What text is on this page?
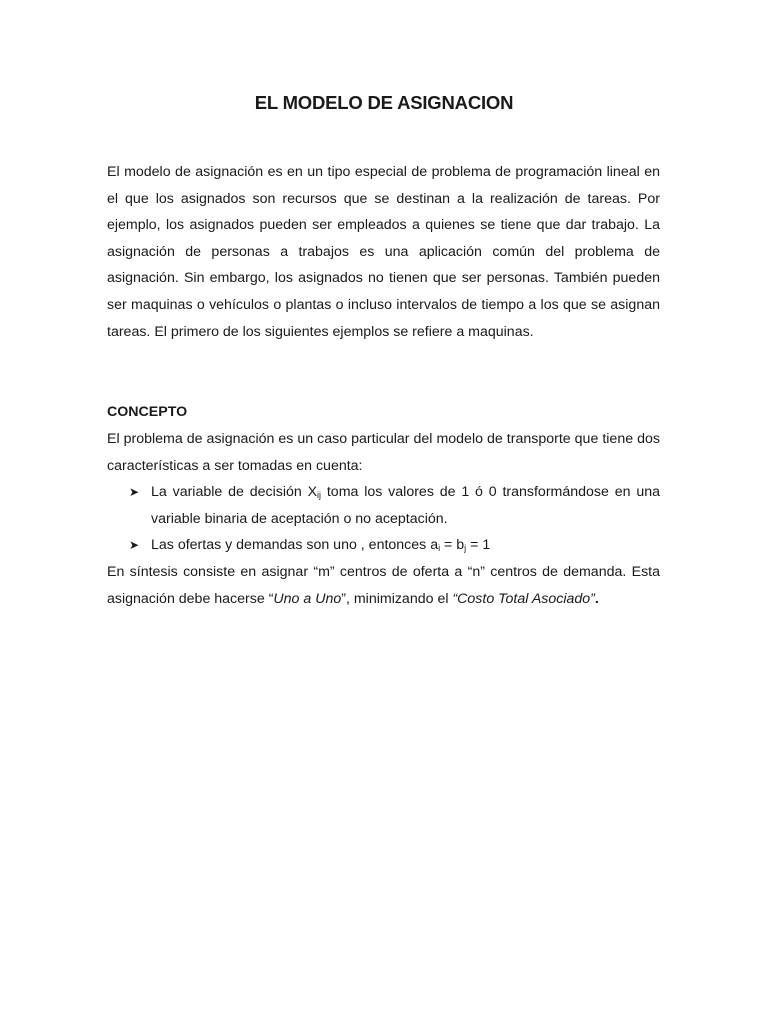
EL MODELO DE ASIGNACION
El modelo de asignación es en un tipo especial de problema de programación lineal en el que los asignados son recursos que se destinan a la realización de tareas. Por ejemplo, los asignados pueden ser empleados a quienes se tiene que dar trabajo. La asignación de personas a trabajos es una aplicación común del problema de asignación. Sin embargo, los asignados no tienen que ser personas. También pueden ser maquinas o vehículos o plantas o incluso intervalos de tiempo a los que se asignan tareas. El primero de los siguientes ejemplos se refiere a maquinas.
CONCEPTO

El problema de asignación es un caso particular del modelo de transporte que tiene dos características a ser tomadas en cuenta:

➤ La variable de decisión $X_{ij}$ toma los valores de 1 ó 0 transformándose en una variable binaria de aceptación o no aceptación.
➤ Las ofertas y demandas son uno , entonces $a_i = b_j = 1$

En síntesis consiste en asignar “m” centros de oferta a “n” centros de demanda. Esta asignación debe hacerse “Uno a Uno”, minimizando el “Costo Total Asociado”.
